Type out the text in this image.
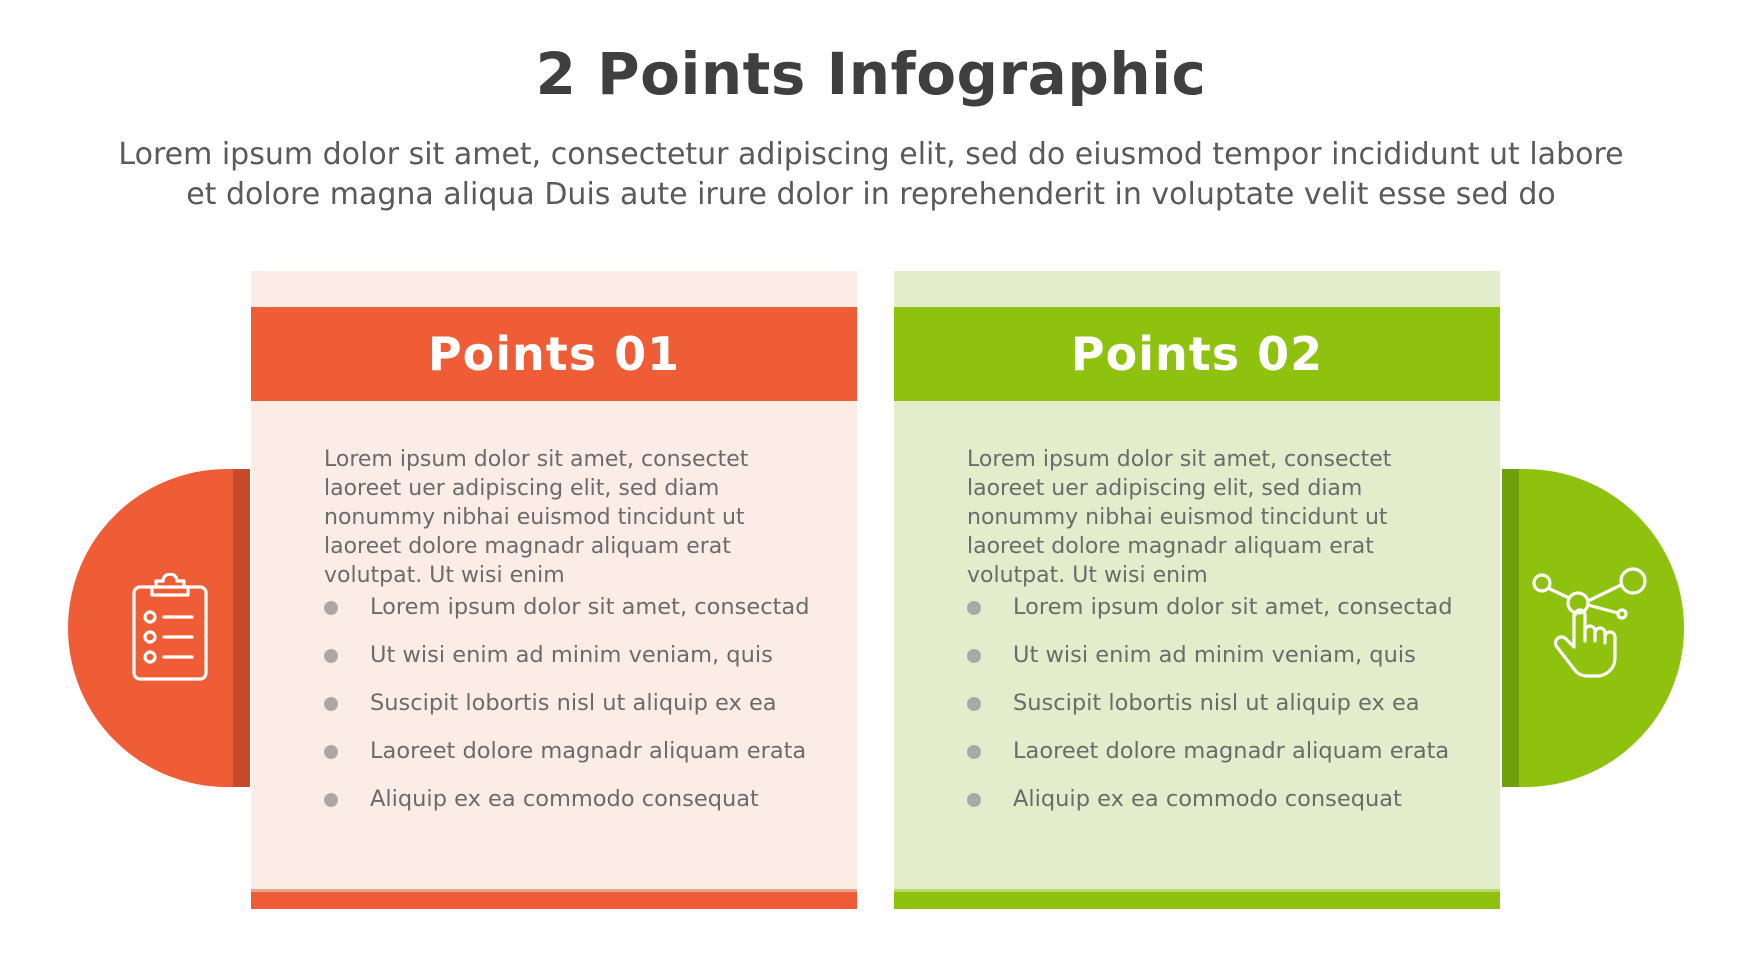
2 Points Infographic
Lorem ipsum dolor sit amet, consectetur adipiscing elit, sed do eiusmod tempor incididunt ut labore
et dolore magna aliqua Duis aute irure dolor in reprehenderit in voluptate velit esse sed do
Points 01
Lorem ipsum dolor sit amet, consectet laoreet uer adipiscing elit, sed diam nonummy nibhai euismod tincidunt ut laoreet dolore magnadr aliquam erat volutpat. Ut wisi enim
Lorem ipsum dolor sit amet, consectad
Ut wisi enim ad minim veniam, quis
Suscipit lobortis nisl ut aliquip ex ea
Laoreet dolore magnadr aliquam erata
Aliquip ex ea commodo consequat
Points 02
Lorem ipsum dolor sit amet, consectet laoreet uer adipiscing elit, sed diam nonummy nibhai euismod tincidunt ut laoreet dolore magnadr aliquam erat volutpat. Ut wisi enim
Lorem ipsum dolor sit amet, consectad
Ut wisi enim ad minim veniam, quis
Suscipit lobortis nisl ut aliquip ex ea
Laoreet dolore magnadr aliquam erata
Aliquip ex ea commodo consequat
